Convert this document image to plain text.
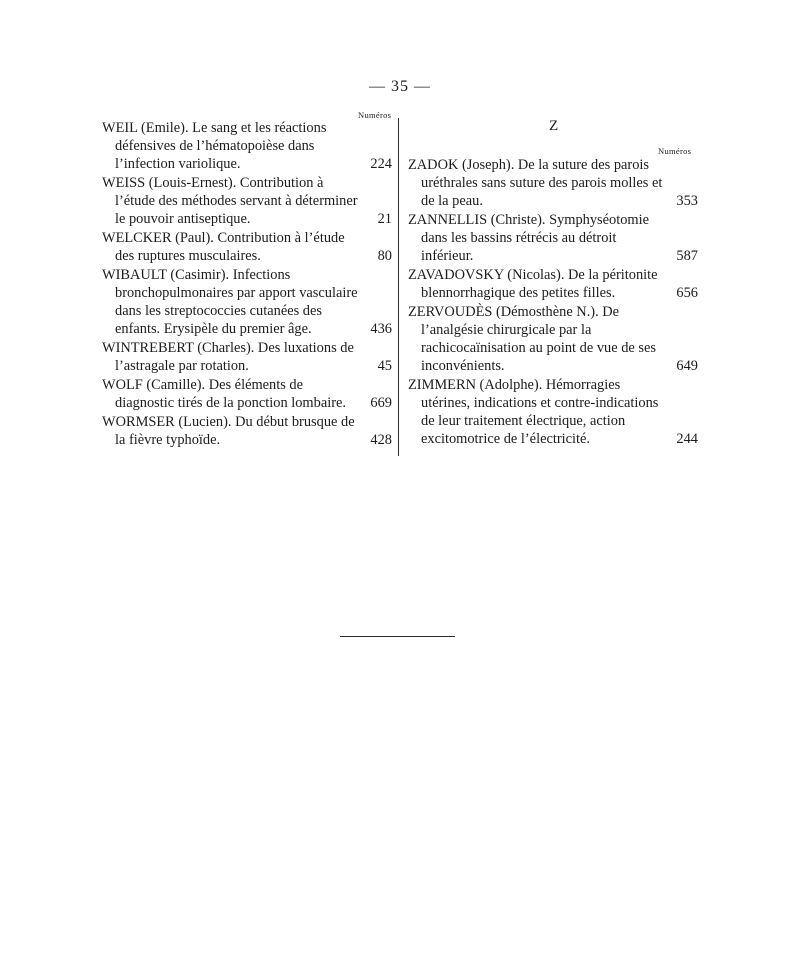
— 35 —
Numéros
Z
Numéros
WEIL (Emile). Le sang et les réactions défensives de l’hématopoièse dans l’infection variolique.	224
WEISS (Louis-Ernest). Contribution à l’étude des méthodes servant à déterminer le pouvoir antiseptique.	21
WELCKER (Paul). Contribution à l’étude des ruptures musculaires.	80
WIBAULT (Casimir). Infections bronchopulmonaires par apport vasculaire dans les streptococcies cutanées des enfants. Erysipèle du premier âge.	436
WINTREBERT (Charles). Des luxations de l’astragale par rotation.	45
WOLF (Camille). Des éléments de diagnostic tirés de la ponction lombaire. 669
WORMSER (Lucien). Du début brusque de la fièvre typhoïde.	428
ZADOK (Joseph). De la suture des parois uréthrales sans suture des parois molles et de la peau.	353
ZANNELLIS (Christe). Symphyséotomie dans les bassins rétrécis au détroit inférieur.	587
ZAVADOVSKY (Nicolas). De la péritonite blennorrhagique des petites filles.	656
ZERVOUDÈS (Démosthène N.). De l’analgésie chirurgicale par la rachicocaïnisation au point de vue de ses inconvénients.	649
ZIMMERN (Adolphe). Hémorragies utérines, indications et contre-indications de leur traitement électrique, action excitomotrice de l’électricité.	244
